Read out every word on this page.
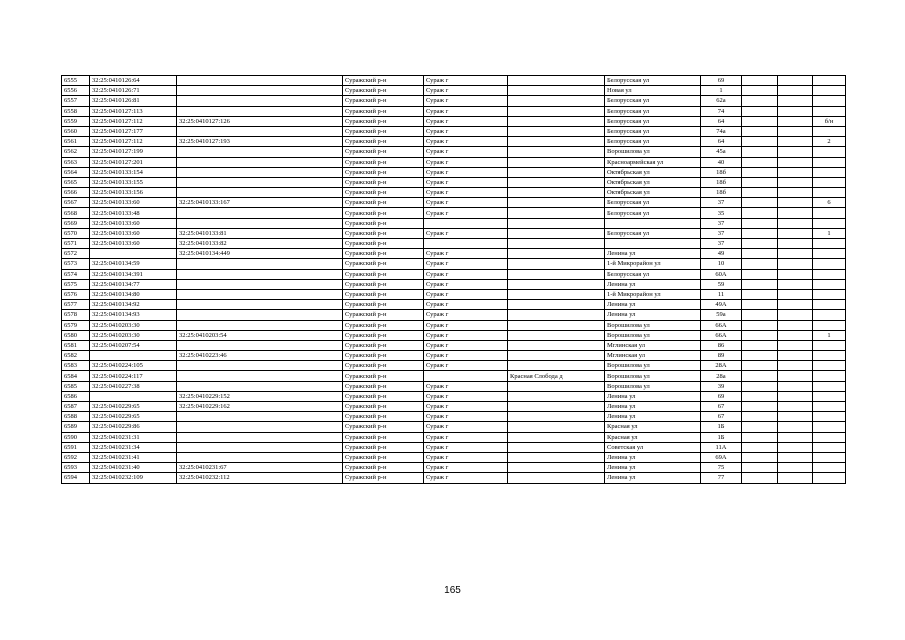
6555	32:25:0410126:64		Суражский р-н	Сураж г		Белорусская ул	69			
6556	32:25:0410126:71		Суражский р-н	Сураж г		Новая ул	1			
6557	32:25:0410126:81		Суражский р-н	Сураж г		Белорусская ул	62а			
6558	32:25:0410127:113		Суражский р-н	Сураж г		Белорусская ул	74			
6559	32:25:0410127:112	32:25:0410127:126	Суражский р-н	Сураж г		Белорусская ул	64			б/н
6560	32:25:0410127:177		Суражский р-н	Сураж г		Белорусская ул	74а			
6561	32:25:0410127:112	32:25:0410127:193	Суражский р-н	Сураж г		Белорусская ул	64			2
6562	32:25:0410127:199		Суражский р-н	Сураж г		Ворошилова ул	45а			
6563	32:25:0410127:201		Суражский р-н	Сураж г		Красноармейская ул	40			
6564	32:25:0410133:154		Суражский р-н	Сураж г		Октябрьская ул	18б			
6565	32:25:0410133:155		Суражский р-н	Сураж г		Октябрьская ул	18б			
6566	32:25:0410133:156		Суражский р-н	Сураж г		Октябрьская ул	18б			
6567	32:25:0410133:60	32:25:0410133:167	Суражский р-н	Сураж г		Белорусская ул	37			6
6568	32:25:0410133:48		Суражский р-н	Сураж г		Белорусская ул	35			
6569	32:25:0410133:60		Суражский р-н				37			
6570	32:25:0410133:60	32:25:0410133:81	Суражский р-н	Сураж г		Белорусская ул	37			1
6571	32:25:0410133:60	32:25:0410133:82	Суражский р-н				37			
6572		32:25:0410134:449	Суражский р-н	Сураж г		Ленина ул	49			
6573	32:25:0410134:59		Суражский р-н	Сураж г		1-й Микрорайон ул	10			
6574	32:25:0410134:391		Суражский р-н	Сураж г		Белорусская ул	60А			
6575	32:25:0410134:77		Суражский р-н	Сураж г		Ленина ул	59			
6576	32:25:0410134:80		Суражский р-н	Сураж г		1-й Микрорайон ул	11			
6577	32:25:0410134:92		Суражский р-н	Сураж г		Ленина ул	49А			
6578	32:25:0410134:93		Суражский р-н	Сураж г		Ленина ул	59а			
6579	32:25:0410203:30		Суражский р-н	Сураж г		Ворошилова ул	66А			
6580	32:25:0410203:30	32:25:0410203:54	Суражский р-н	Сураж г		Ворошилова ул	66А			1
6581	32:25:0410207:54		Суражский р-н	Сураж г		Мглинская ул	86			
6582		32:25:0410223:46	Суражский р-н	Сураж г		Мглинская ул	89			
6583	32:25:0410224:105		Суражский р-н	Сураж г		Ворошилова ул	28А			
6584	32:25:0410224:117		Суражский р-н		Красная Слобода д	Ворошилова ул	28а			
6585	32:25:0410227:38		Суражский р-н	Сураж г		Ворошилова ул	39			
6586		32:25:0410229:152	Суражский р-н	Сураж г		Ленина ул	69			
6587	32:25:0410229:65	32:25:0410229:162	Суражский р-н	Сураж г		Ленина ул	67			
6588	32:25:0410229:65		Суражский р-н	Сураж г		Ленина ул	67			
6589	32:25:0410229:86		Суражский р-н	Сураж г		Красная ул	1Б			
6590	32:25:0410231:31		Суражский р-н	Сураж г		Красная ул	1Б			
6591	32:25:0410231:34		Суражский р-н	Сураж г		Советская ул	11А			
6592	32:25:0410231:41		Суражский р-н	Сураж г		Ленина ул	69А			
6593	32:25:0410231:40	32:25:0410231:67	Суражский р-н	Сураж г		Ленина ул	75			
6594	32:25:0410232:109	32:25:0410232:112	Суражский р-н	Сураж г		Ленина ул	77			
165
